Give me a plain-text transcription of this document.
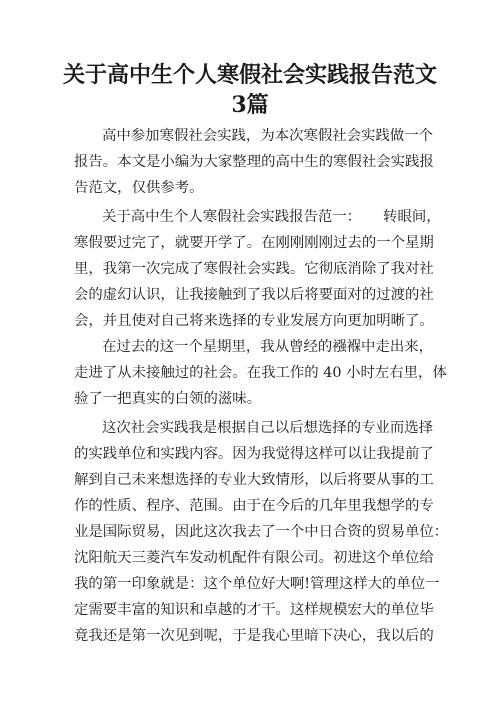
关于高中生个人寒假社会实践报告范文
3篇

高中参加寒假社会实践，为本次寒假社会实践做一个

报告。本文是小编为大家整理的高中生的寒假社会实践报

告范文，仅供参考。

关于高中生个人寒假社会实践报告范一： 转眼间，

寒假要过完了，就要开学了。在刚刚刚刚过去的一个星期

里，我第一次完成了寒假社会实践。它彻底消除了我对社

会的虚幻认识，让我接触到了我以后将要面对的过渡的社

会，并且使对自己将来选择的专业发展方向更加明晰了。

在过去的这一个星期里，我从曾经的襁褓中走出来，

走进了从未接触过的社会。在我工作的 40 小时左右里，体

验了一把真实的白领的滋味。

这次社会实践我是根据自己以后想选择的专业而选择

的实践单位和实践内容。因为我觉得这样可以让我提前了

解到自己未来想选择的专业大致情形，以后将要从事的工

作的性质、程序、范围。由于在今后的几年里我想学的专

业是国际贸易，因此这次我去了一个中日合资的贸易单位：

沈阳航天三菱汽车发动机配件有限公司。初进这个单位给

我的第一印象就是：这个单位好大啊!管理这样大的单位一

定需要丰富的知识和卓越的才干。这样规模宏大的单位毕

竟我还是第一次见到呢，于是我心里暗下决心，我以后的
